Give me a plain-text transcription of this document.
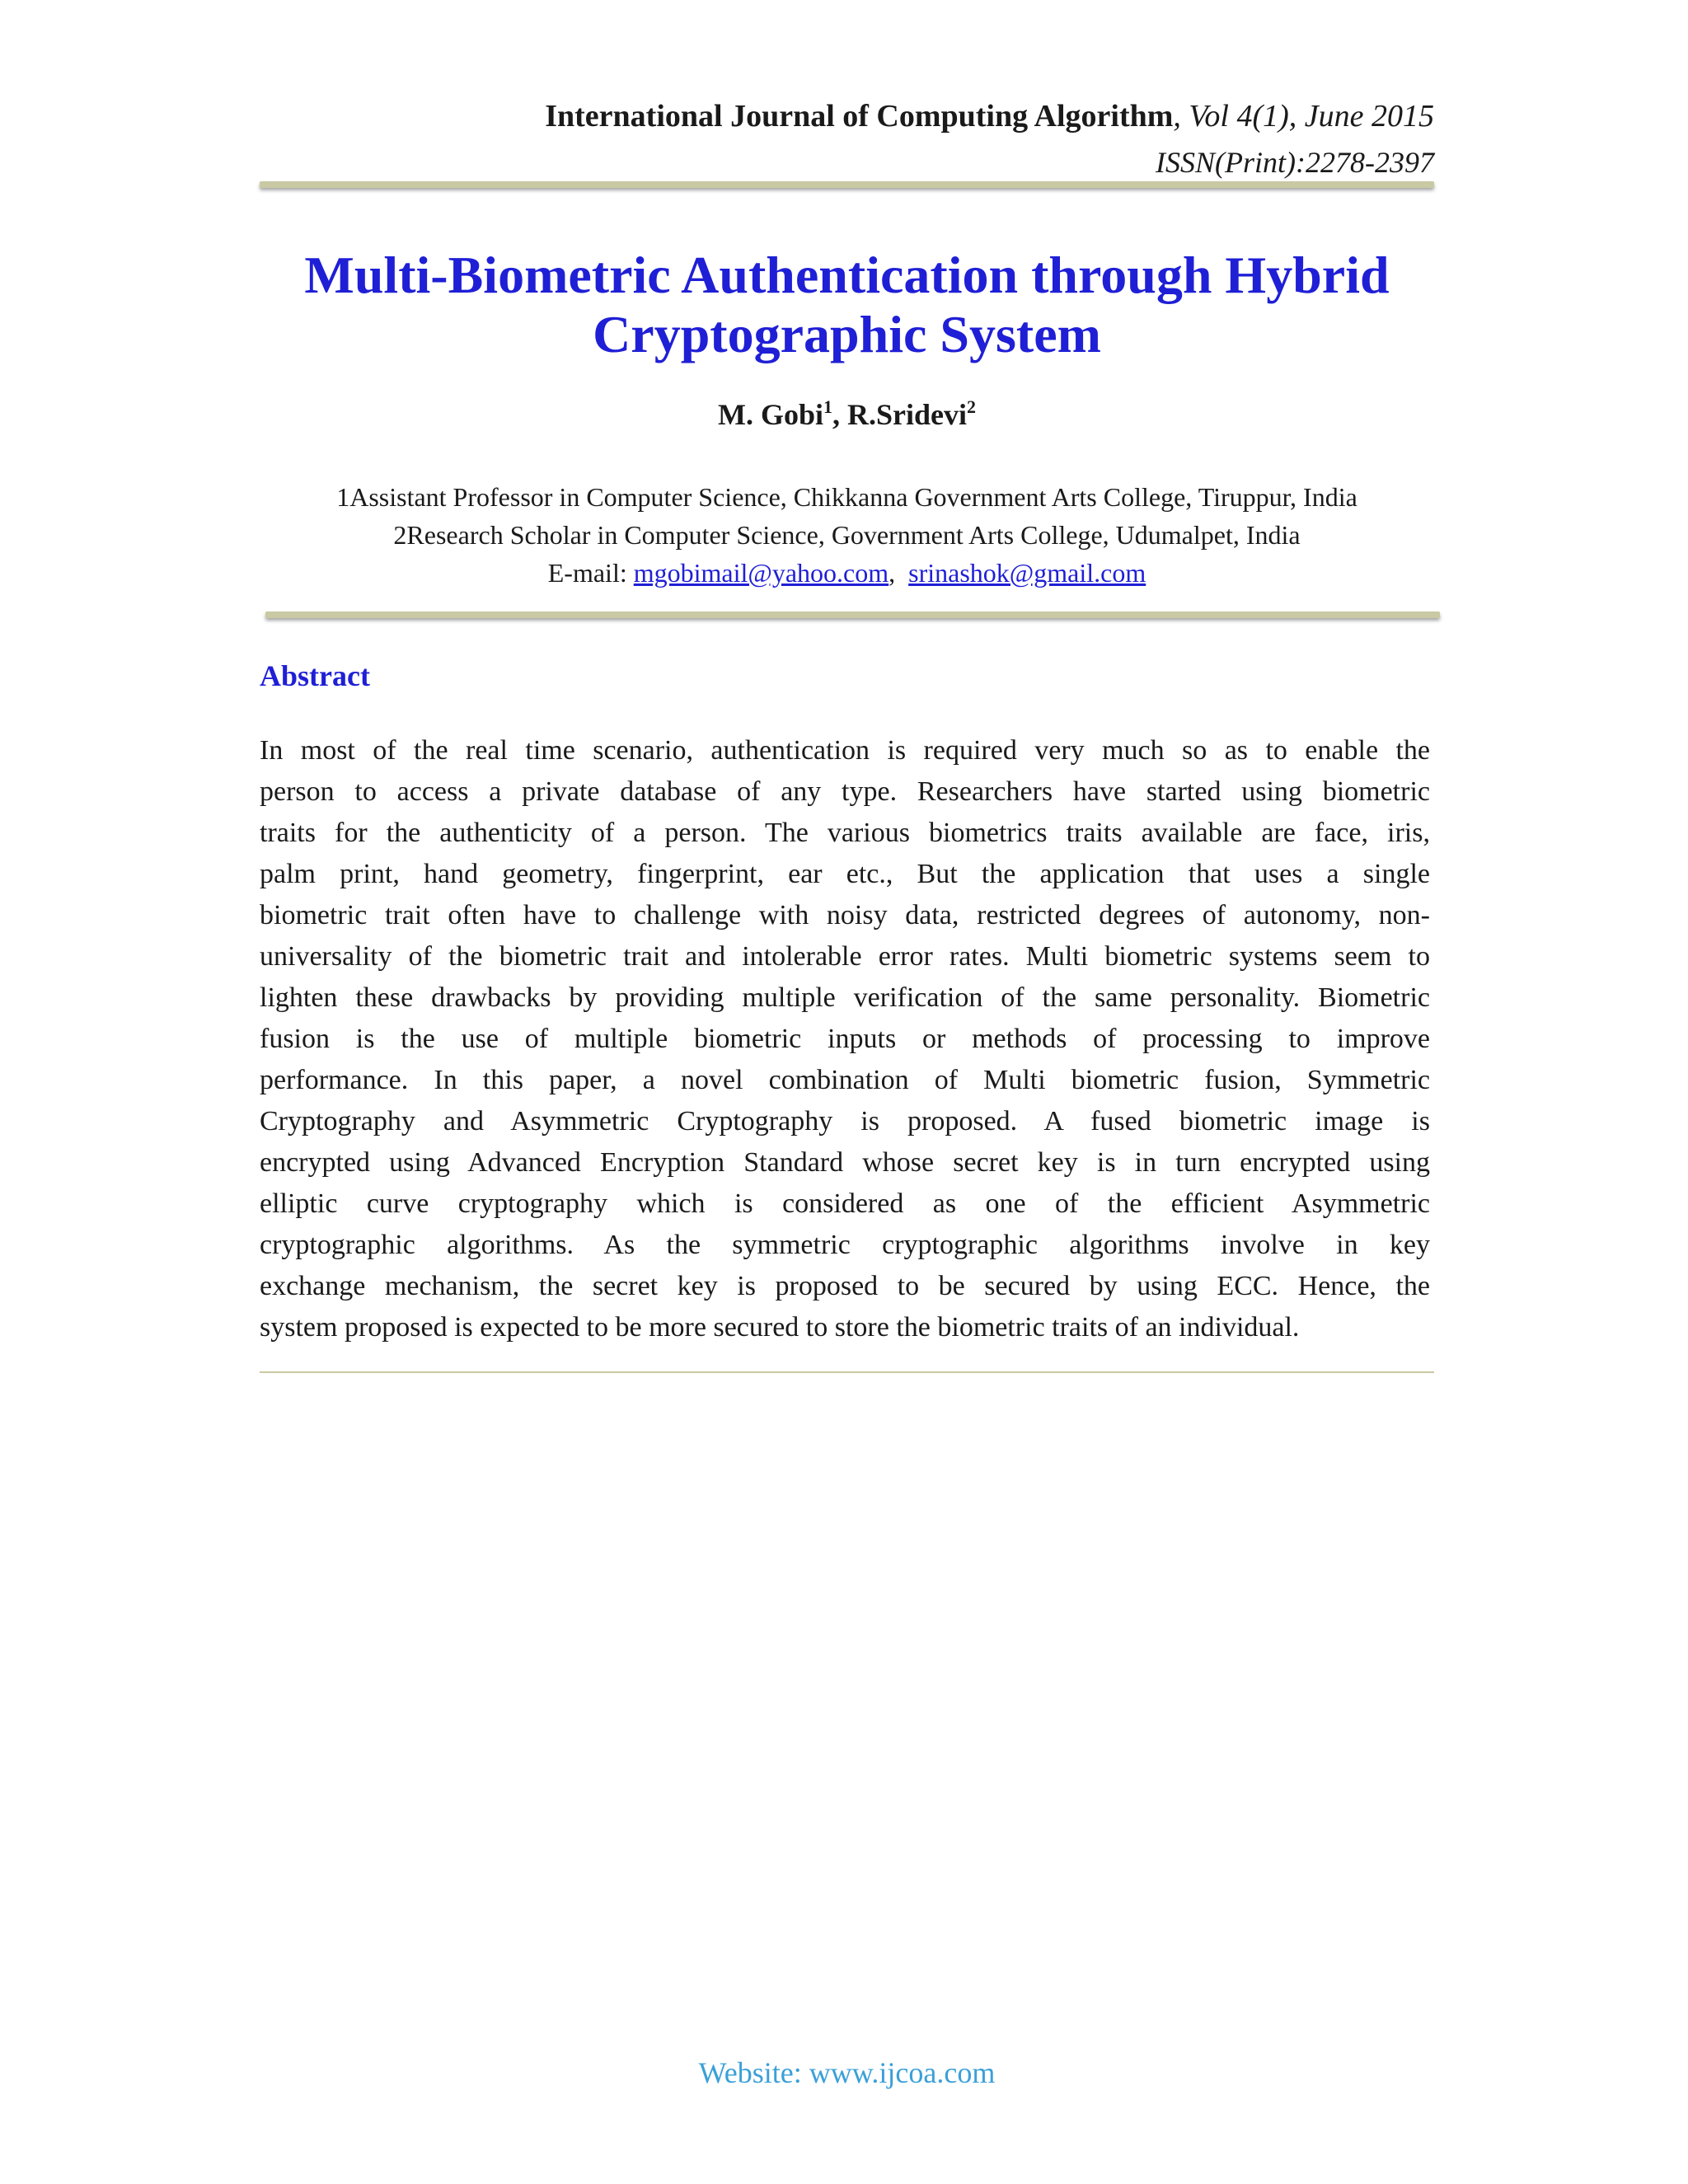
International Journal of Computing Algorithm, Vol 4(1), June 2015
ISSN(Print):2278-2397
Multi-Biometric Authentication through Hybrid
Cryptographic System
M. Gobi$^1$, R.Sridevi$^2$
1Assistant Professor in Computer Science, Chikkanna Government Arts College, Tiruppur, India
2Research Scholar in Computer Science, Government Arts College, Udumalpet, India
E-mail: mgobimail@yahoo.com,  srinashok@gmail.com
Abstract
In most of the real time scenario, authentication is required very much so as to enable the
person to access a private database of any type. Researchers have started using biometric
traits for the authenticity of a person. The various biometrics traits available are face, iris,
palm print, hand geometry, fingerprint, ear etc., But the application that uses a single
biometric trait often have to challenge with noisy data, restricted degrees of autonomy, non-
universality of the biometric trait and intolerable error rates. Multi biometric systems seem to
lighten these drawbacks by providing multiple verification of the same personality. Biometric
fusion is the use of multiple biometric inputs or methods of processing to improve
performance. In this paper, a novel combination of Multi biometric fusion, Symmetric
Cryptography and Asymmetric Cryptography is proposed. A fused biometric image is
encrypted using Advanced Encryption Standard whose secret key is in turn encrypted using
elliptic curve cryptography which is considered as one of the efficient Asymmetric
cryptographic algorithms. As the symmetric cryptographic algorithms involve in key
exchange mechanism, the secret key is proposed to be secured by using ECC. Hence, the
system proposed is expected to be more secured to store the biometric traits of an individual.
Website: www.ijcoa.com
